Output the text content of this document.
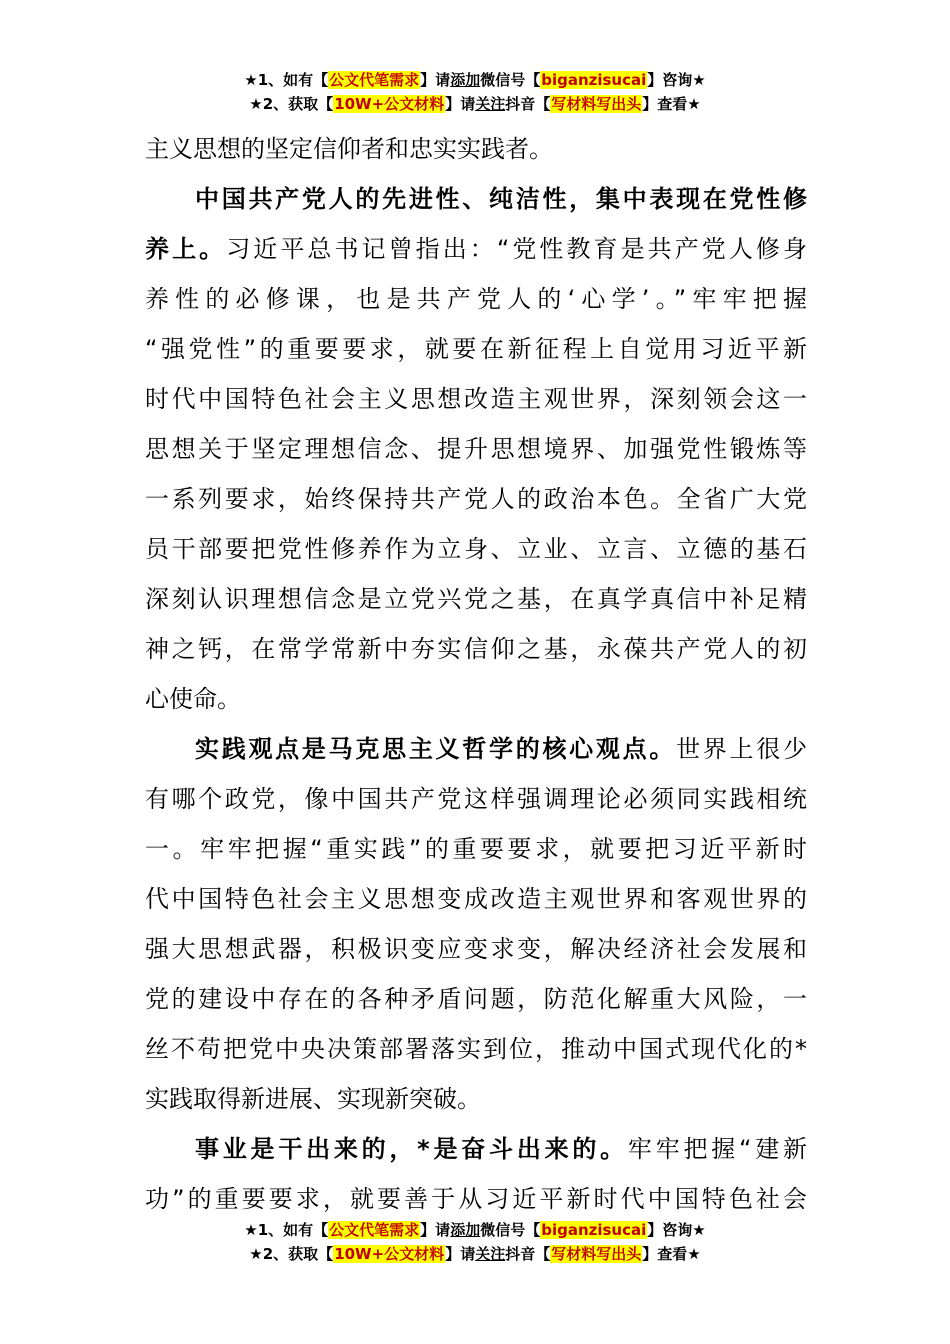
★1、如有【公文代笔需求】请添加微信号【biganzisucai】咨询★
★2、获取【10W+公文材料】请关注抖音【写材料写出头】查看★
主义思想的坚定信仰者和忠实实践者。
中国共产党人的先进性、纯洁性，集中表现在党性修
养上。习近平总书记曾指出：“党性教育是共产党人修身
养性的必修课，也是共产党人的‘心学’。”牢牢把握
“强党性”的重要要求，就要在新征程上自觉用习近平新
时代中国特色社会主义思想改造主观世界，深刻领会这一
思想关于坚定理想信念、提升思想境界、加强党性锻炼等
一系列要求，始终保持共产党人的政治本色。全省广大党
员干部要把党性修养作为立身、立业、立言、立德的基石
深刻认识理想信念是立党兴党之基，在真学真信中补足精
神之钙，在常学常新中夯实信仰之基，永葆共产党人的初
心使命。
实践观点是马克思主义哲学的核心观点。世界上很少
有哪个政党，像中国共产党这样强调理论必须同实践相统
一。牢牢把握“重实践”的重要要求，就要把习近平新时
代中国特色社会主义思想变成改造主观世界和客观世界的
强大思想武器，积极识变应变求变，解决经济社会发展和
党的建设中存在的各种矛盾问题，防范化解重大风险，一
丝不苟把党中央决策部署落实到位，推动中国式现代化的*
实践取得新进展、实现新突破。
事业是干出来的，*是奋斗出来的。牢牢把握“建新
功”的重要要求，就要善于从习近平新时代中国特色社会
★1、如有【公文代笔需求】请添加微信号【biganzisucai】咨询★
★2、获取【10W+公文材料】请关注抖音【写材料写出头】查看★
